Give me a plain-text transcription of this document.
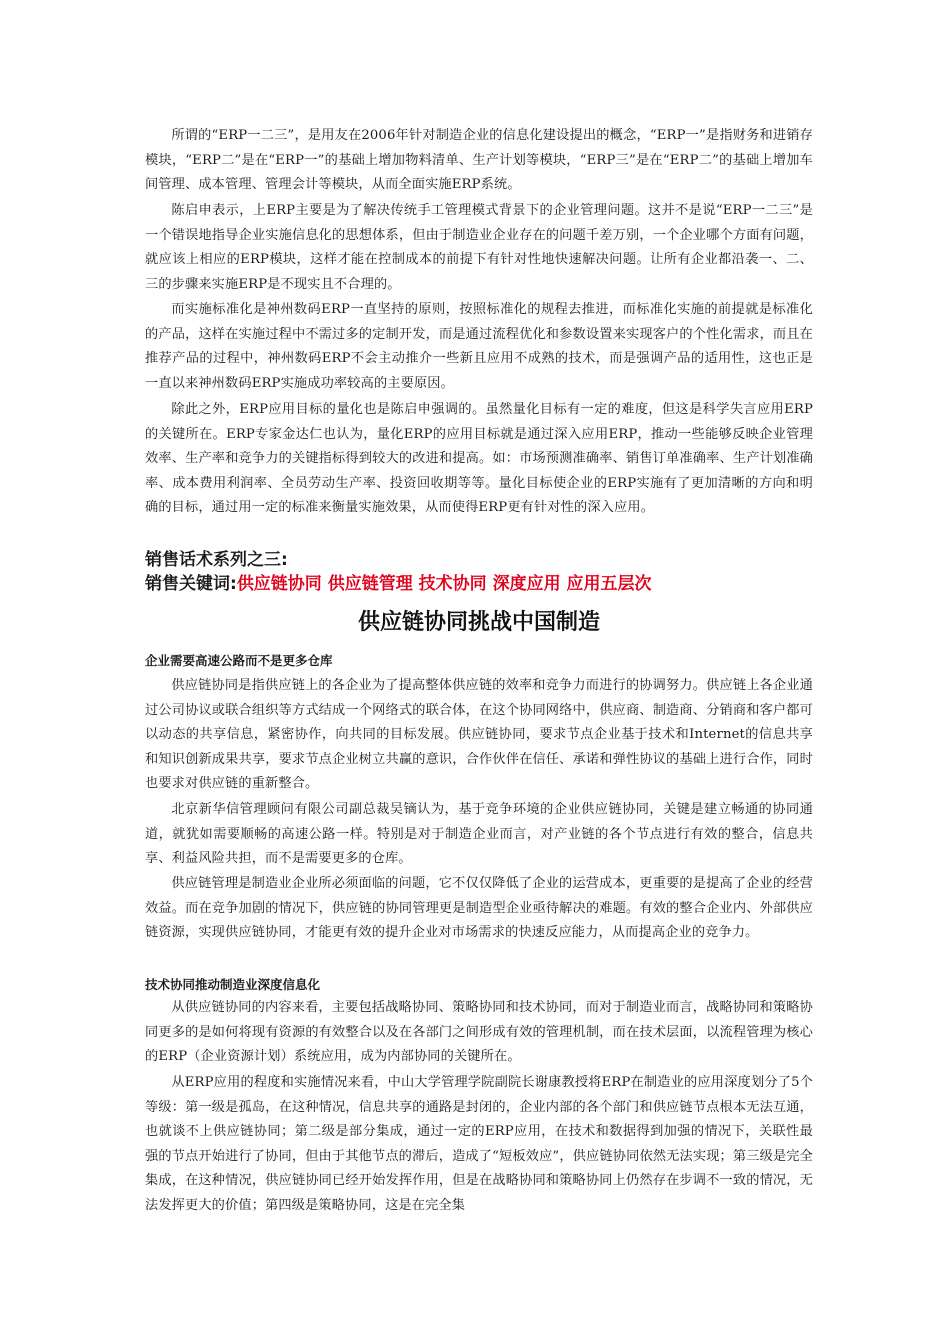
所谓的“ERP一二三”，是用友在2006年针对制造企业的信息化建设提出的概念，“ERP一”是指财务和进销存模块，“ERP二”是在“ERP一”的基础上增加物料清单、生产计划等模块，“ERP三”是在“ERP二”的基础上增加车间管理、成本管理、管理会计等模块，从而全面实施ERP系统。

陈启申表示，上ERP主要是为了解决传统手工管理模式背景下的企业管理问题。这并不是说“ERP一二三”是一个错误地指导企业实施信息化的思想体系，但由于制造业企业存在的问题千差万别，一个企业哪个方面有问题，就应该上相应的ERP模块，这样才能在控制成本的前提下有针对性地快速解决问题。让所有企业都沿袭一、二、三的步骤来实施ERP是不现实且不合理的。

而实施标准化是神州数码ERP一直坚持的原则，按照标准化的规程去推进，而标准化实施的前提就是标准化的产品，这样在实施过程中不需过多的定制开发，而是通过流程优化和参数设置来实现客户的个性化需求，而且在推荐产品的过程中，神州数码ERP不会主动推介一些新且应用不成熟的技术，而是强调产品的适用性，这也正是一直以来神州数码ERP实施成功率较高的主要原因。

除此之外，ERP应用目标的量化也是陈启申强调的。虽然量化目标有一定的难度，但这是科学失言应用ERP的关键所在。ERP专家金达仁也认为，量化ERP的应用目标就是通过深入应用ERP，推动一些能够反映企业管理效率、生产率和竞争力的关键指标得到较大的改进和提高。如：市场预测准确率、销售订单准确率、生产计划准确率、成本费用利润率、全员劳动生产率、投资回收期等等。量化目标使企业的ERP实施有了更加清晰的方向和明确的目标，通过用一定的标准来衡量实施效果，从而使得ERP更有针对性的深入应用。

销售话术系列之三:

销售关键词:供应链协同 供应链管理 技术协同 深度应用 应用五层次

供应链协同挑战中国制造
企业需要高速公路而不是更多仓库

供应链协同是指供应链上的各企业为了提高整体供应链的效率和竞争力而进行的协调努力。供应链上各企业通过公司协议或联合组织等方式结成一个网络式的联合体，在这个协同网络中，供应商、制造商、分销商和客户都可以动态的共享信息，紧密协作，向共同的目标发展。供应链协同，要求节点企业基于技术和Internet的信息共享和知识创新成果共享，要求节点企业树立共赢的意识，合作伙伴在信任、承诺和弹性协议的基础上进行合作，同时也要求对供应链的重新整合。

北京新华信管理顾问有限公司副总裁吴镝认为，基于竞争环境的企业供应链协同，关键是建立畅通的协同通道，就犹如需要顺畅的高速公路一样。特别是对于制造企业而言，对产业链的各个节点进行有效的整合，信息共享、利益风险共担，而不是需要更多的仓库。

供应链管理是制造业企业所必须面临的问题，它不仅仅降低了企业的运营成本，更重要的是提高了企业的经营效益。而在竞争加剧的情况下，供应链的协同管理更是制造型企业亟待解决的难题。有效的整合企业内、外部供应链资源，实现供应链协同，才能更有效的提升企业对市场需求的快速反应能力，从而提高企业的竞争力。

技术协同推动制造业深度信息化

从供应链协同的内容来看，主要包括战略协同、策略协同和技术协同，而对于制造业而言，战略协同和策略协同更多的是如何将现有资源的有效整合以及在各部门之间形成有效的管理机制，而在技术层面，以流程管理为核心的ERP（企业资源计划）系统应用，成为内部协同的关键所在。

从ERP应用的程度和实施情况来看，中山大学管理学院副院长谢康教授将ERP在制造业的应用深度划分了5个等级：第一级是孤岛，在这种情况，信息共享的通路是封闭的，企业内部的各个部门和供应链节点根本无法互通，也就谈不上供应链协同；第二级是部分集成，通过一定的ERP应用，在技术和数据得到加强的情况下，关联性最强的节点开始进行了协同，但由于其他节点的滞后，造成了“短板效应”，供应链协同依然无法实现；第三级是完全集成，在这种情况，供应链协同已经开始发挥作用，但是在战略协同和策略协同上仍然存在步调不一致的情况，无法发挥更大的价值；第四级是策略协同，这是在完全集
